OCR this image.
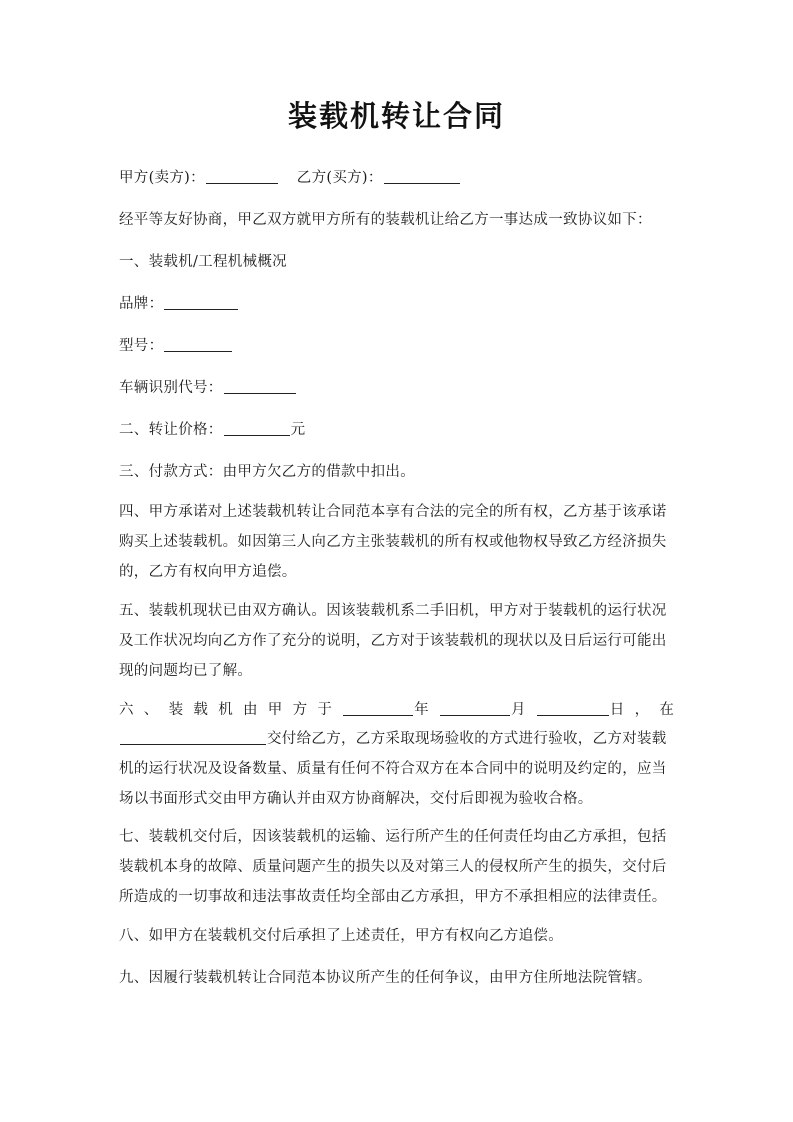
装载机转让合同
甲方(卖方)：	乙方(买方)：
经平等友好协商，甲乙双方就甲方所有的装载机让给乙方一事达成一致协议如下：
一、装载机/工程机械概况
品牌：
型号：
车辆识别代号：
二、转让价格：	元
三、付款方式：由甲方欠乙方的借款中扣出。
四、甲方承诺对上述装载机转让合同范本享有合法的完全的所有权，乙方基于该承诺购买上述装载机。如因第三人向乙方主张装载机的所有权或他物权导致乙方经济损失的，乙方有权向甲方追偿。
五、装载机现状已由双方确认。因该装载机系二手旧机，甲方对于装载机的运行状况及工作状况均向乙方作了充分的说明，乙方对于该装载机的现状以及日后运行可能出现的问题均已了解。
六 、 装 载 机 由 甲 方 于	年	月	日 ， 在
交付给乙方，乙方采取现场验收的方式进行验收，乙方对装载机的运行状况及设备数量、质量有任何不符合双方在本合同中的说明及约定的，应当场以书面形式交由甲方确认并由双方协商解决，交付后即视为验收合格。
七、装载机交付后，因该装载机的运输、运行所产生的任何责任均由乙方承担，包括装载机本身的故障、质量问题产生的损失以及对第三人的侵权所产生的损失，交付后所造成的一切事故和违法事故责任均全部由乙方承担，甲方不承担相应的法律责任。
八、如甲方在装载机交付后承担了上述责任，甲方有权向乙方追偿。
九、因履行装载机转让合同范本协议所产生的任何争议，由甲方住所地法院管辖。
